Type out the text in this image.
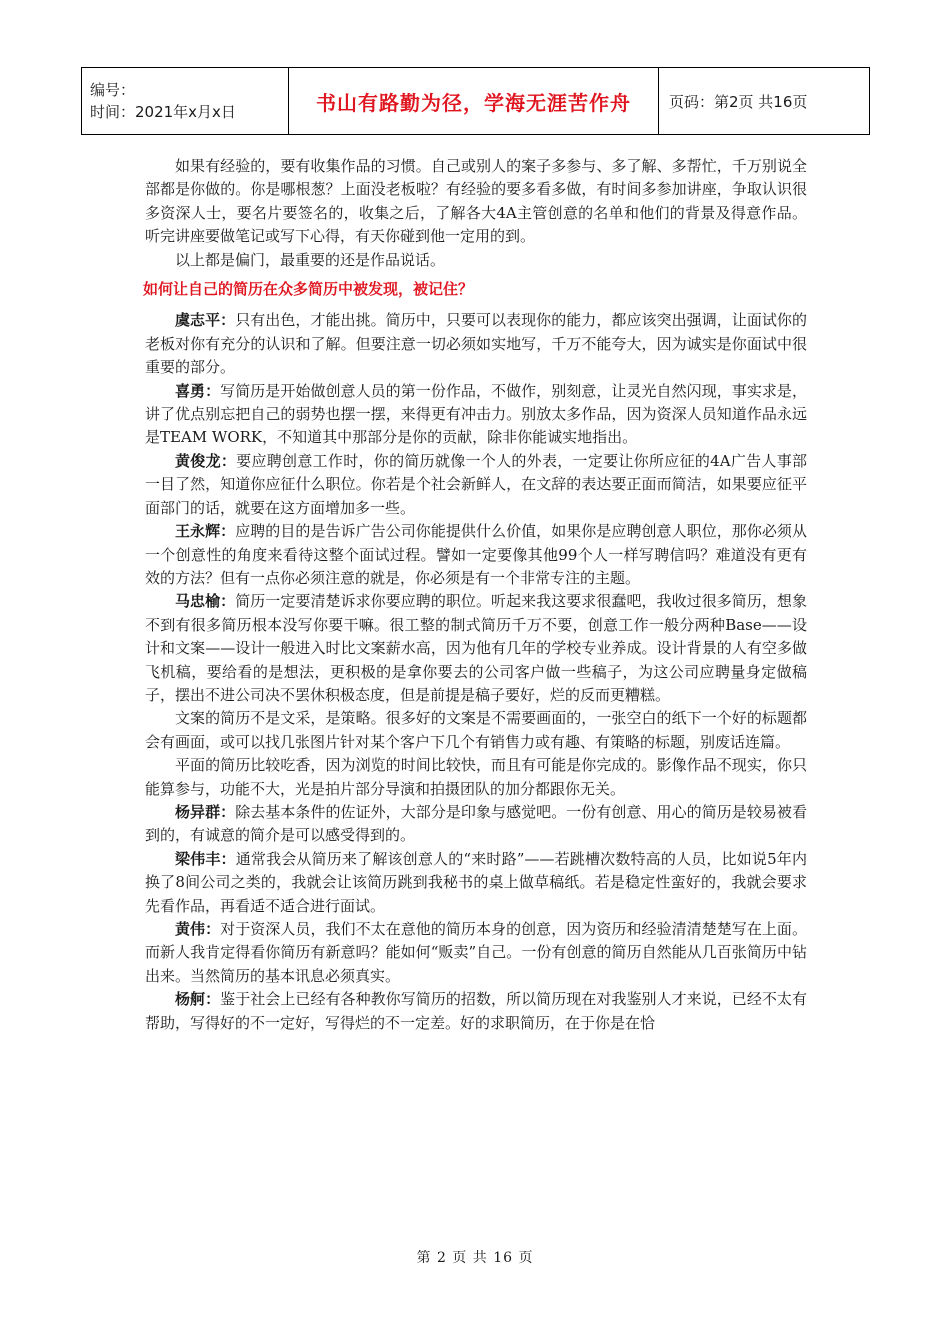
编号：
时间：2021年x月x日	书山有路勤为径，学海无涯苦作舟	页码：第2页 共16页

如果有经验的，要有收集作品的习惯。自己或别人的案子多参与、多了解、多帮忙，千万别说全部都是你做的。你是哪根葱？上面没老板啦？有经验的要多看多做，有时间多参加讲座，争取认识很多资深人士，要名片要签名的，收集之后，了解各大4A主管创意的名单和他们的背景及得意作品。听完讲座要做笔记或写下心得，有天你碰到他一定用的到。

以上都是偏门，最重要的还是作品说话。

如何让自己的简历在众多简历中被发现，被记住？

虞志平：只有出色，才能出挑。简历中，只要可以表现你的能力，都应该突出强调，让面试你的老板对你有充分的认识和了解。但要注意一切必须如实地写，千万不能夸大，因为诚实是你面试中很重要的部分。

喜勇：写简历是开始做创意人员的第一份作品，不做作，别刻意，让灵光自然闪现，事实求是，讲了优点别忘把自己的弱势也摆一摆，来得更有冲击力。别放太多作品，因为资深人员知道作品永远是TEAM WORK，不知道其中那部分是你的贡献，除非你能诚实地指出。

黄俊龙：要应聘创意工作时，你的简历就像一个人的外表，一定要让你所应征的4A广告人事部一目了然，知道你应征什么职位。你若是个社会新鲜人，在文辞的表达要正面而简洁，如果要应征平面部门的话，就要在这方面增加多一些。

王永辉：应聘的目的是告诉广告公司你能提供什么价值，如果你是应聘创意人职位，那你必须从一个创意性的角度来看待这整个面试过程。譬如一定要像其他99个人一样写聘信吗？难道没有更有效的方法？但有一点你必须注意的就是，你必须是有一个非常专注的主题。

马忠榆：简历一定要清楚诉求你要应聘的职位。听起来我这要求很蠢吧，我收过很多简历，想象不到有很多简历根本没写你要干嘛。很工整的制式简历千万不要，创意工作一般分两种Base——设计和文案——设计一般进入时比文案薪水高，因为他有几年的学校专业养成。设计背景的人有空多做飞机稿，要给看的是想法，更积极的是拿你要去的公司客户做一些稿子，为这公司应聘量身定做稿子，摆出不进公司决不罢休积极态度，但是前提是稿子要好，烂的反而更糟糕。

文案的简历不是文采，是策略。很多好的文案是不需要画面的，一张空白的纸下一个好的标题都会有画面，或可以找几张图片针对某个客户下几个有销售力或有趣、有策略的标题，别废话连篇。

平面的简历比较吃香，因为浏览的时间比较快，而且有可能是你完成的。影像作品不现实，你只能算参与，功能不大，光是拍片部分导演和拍摄团队的加分都跟你无关。

杨异群：除去基本条件的佐证外，大部分是印象与感觉吧。一份有创意、用心的简历是较易被看到的，有诚意的简介是可以感受得到的。

梁伟丰：通常我会从简历来了解该创意人的“来时路”——若跳槽次数特高的人员，比如说5年内换了8间公司之类的，我就会让该简历跳到我秘书的桌上做草稿纸。若是稳定性蛮好的，我就会要求先看作品，再看适不适合进行面试。

黄伟：对于资深人员，我们不太在意他的简历本身的创意，因为资历和经验清清楚楚写在上面。而新人我肯定得看你简历有新意吗？能如何“贩卖”自己。一份有创意的简历自然能从几百张简历中钻出来。当然简历的基本讯息必须真实。

杨舸：鉴于社会上已经有各种教你写简历的招数，所以简历现在对我鉴别人才来说，已经不太有帮助，写得好的不一定好，写得烂的不一定差。好的求职简历，在于你是在恰

第 2 页 共 16 页
